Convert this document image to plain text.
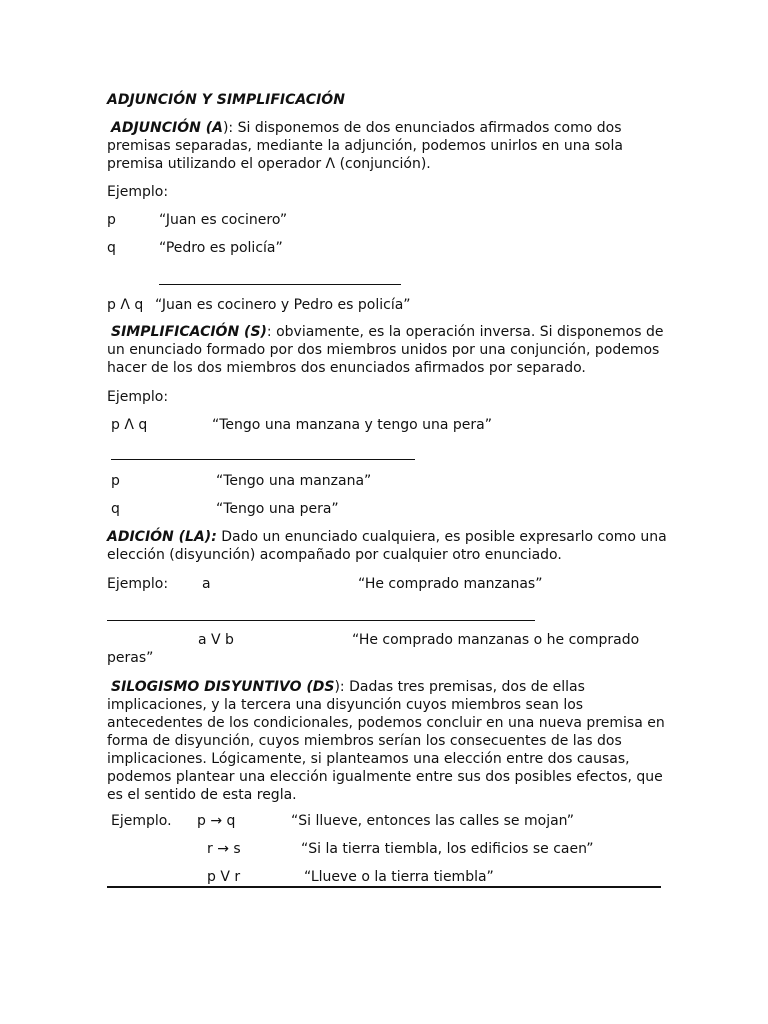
ADJUNCIÓN Y SIMPLIFICACIÓN
ADJUNCIÓN (A): Si disponemos de dos enunciados afirmados como dos premisas separadas, mediante la adjunción, podemos unirlos en una sola premisa utilizando el operador Λ (conjunción).
Ejemplo:
p	“Juan es cocinero”
q	“Pedro es policía”
p Λ q “Juan es cocinero y Pedro es policía”
SIMPLIFICACIÓN (S): obviamente, es la operación inversa. Si disponemos de un enunciado formado por dos miembros unidos por una conjunción, podemos hacer de los dos miembros dos enunciados afirmados por separado.
Ejemplo:
p Λ q	“Tengo una manzana y tengo una pera”
p	“Tengo una manzana”
q	“Tengo una pera”
ADICIÓN (LA): Dado un enunciado cualquiera, es posible expresarlo como una elección (disyunción) acompañado por cualquier otro enunciado.
Ejemplo: a	“He comprado manzanas”
a V b	“He comprado manzanas o he comprado
peras”
SILOGISMO DISYUNTIVO (DS): Dadas tres premisas, dos de ellas implicaciones, y la tercera una disyunción cuyos miembros sean los antecedentes de los condicionales, podemos concluir en una nueva premisa en forma de disyunción, cuyos miembros serían los consecuentes de las dos implicaciones. Lógicamente, si planteamos una elección entre dos causas, podemos plantear una elección igualmente entre sus dos posibles efectos, que es el sentido de esta regla.
Ejemplo. p → q	“Si llueve, entonces las calles se mojan”
r → s	“Si la tierra tiembla, los edificios se caen”
p V r	“Llueve o la tierra tiembla”
